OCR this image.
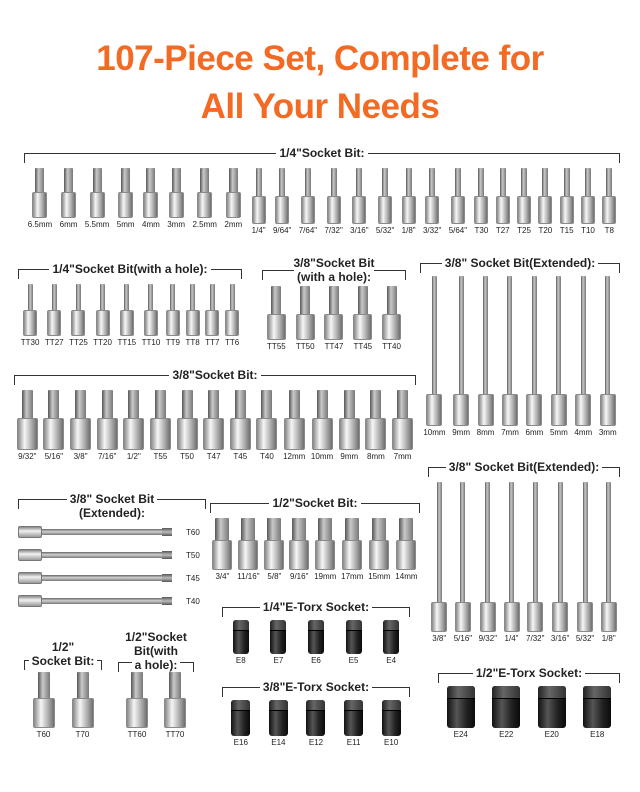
107-Piece Set, Complete for
All Your Needs
1/4"Socket Bit:
6.5mm 6mm 5.5mm 5mm 4mm 3mm 2.5mm 2mm
1/4" 9/64" 7/64" 7/32" 3/16" 5/32" 1/8" 3/32" 5/64" T30 T27 T25 T20 T15 T10 T8
1/4"Socket Bit(with a hole):
TT30 TT27 TT25 TT20 TT15 TT10 TT9 TT8 TT7 TT6
3/8"Socket Bit
(with a hole):
TT55 TT50 TT47 TT45 TT40
3/8" Socket Bit(Extended):
10mm 9mm 8mm 7mm 6mm 5mm 4mm 3mm
3/8"Socket Bit:
9/32" 5/16" 3/8" 7/16" 1/2" T55 T50 T47 T45 T40 12mm 10mm 9mm 8mm 7mm
3/8" Socket Bit(Extended):
3/8" 5/16" 9/32" 1/4" 7/32" 3/16" 5/32" 1/8"
3/8" Socket Bit
(Extended):
T60
T50
T45
T40
1/2"Socket Bit:
3/4" 11/16" 5/8" 9/16" 19mm 17mm 15mm 14mm
1/4"E-Torx Socket:
E8	E7	E6	E5	E4
3/8"E-Torx Socket:
E16	E14	E12	E11	E10
1/2"E-Torx Socket:
E24	E22	E20	E18
1/2"
Socket Bit:
T60	T70
1/2"Socket
Bit(with
a hole):
TT60 TT70
